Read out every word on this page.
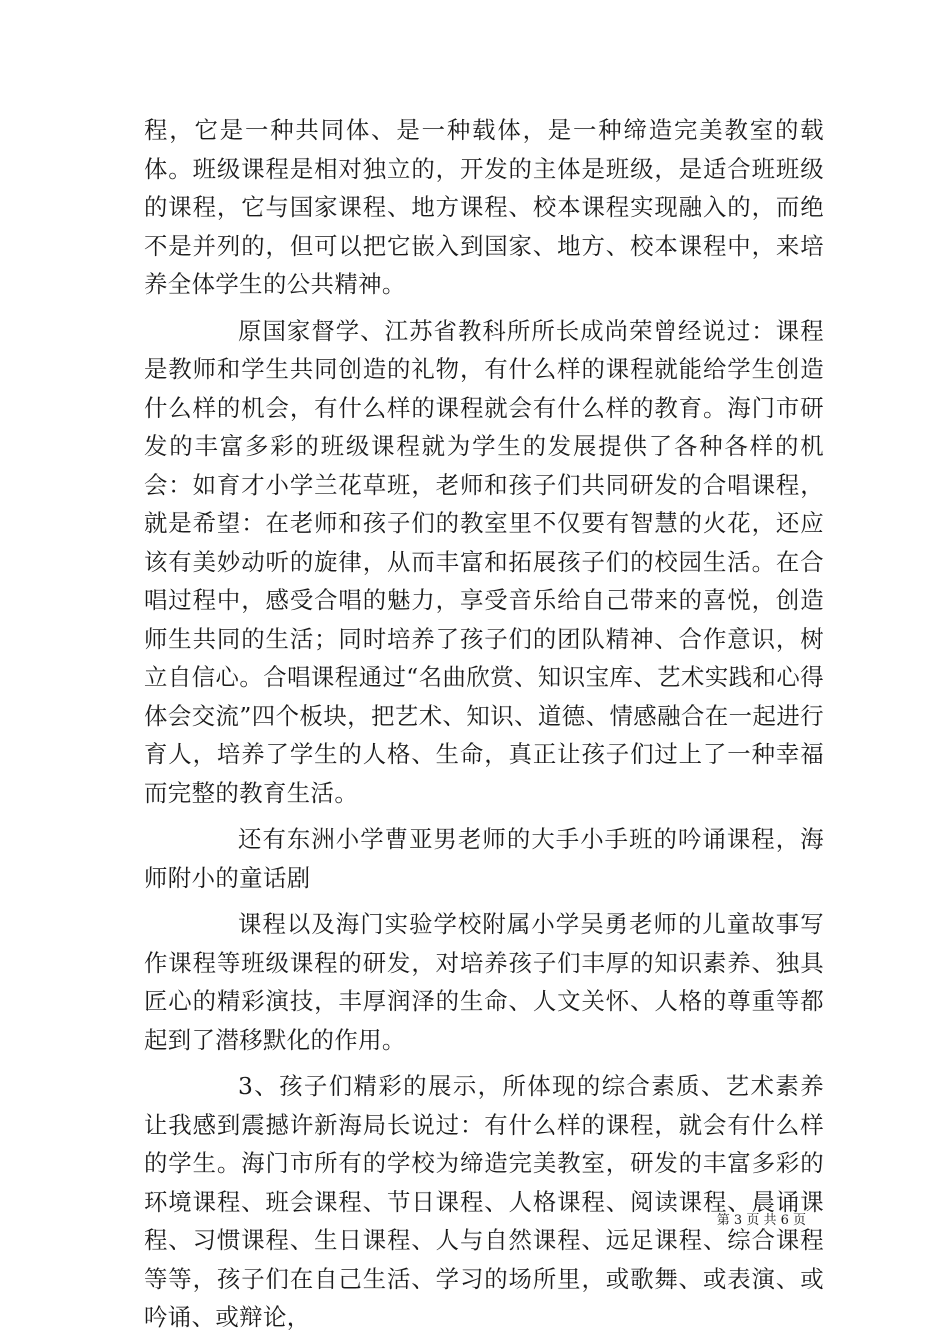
程，它是一种共同体、是一种载体，是一种缔造完美教室的载体。班级课程是相对独立的，开发的主体是班级，是适合班班级的课程，它与国家课程、地方课程、校本课程实现融入的，而绝不是并列的，但可以把它嵌入到国家、地方、校本课程中，来培养全体学生的公共精神。

原国家督学、江苏省教科所所长成尚荣曾经说过：课程是教师和学生共同创造的礼物，有什么样的课程就能给学生创造什么样的机会，有什么样的课程就会有什么样的教育。海门市研发的丰富多彩的班级课程就为学生的发展提供了各种各样的机会：如育才小学兰花草班，老师和孩子们共同研发的合唱课程，就是希望：在老师和孩子们的教室里不仅要有智慧的火花，还应该有美妙动听的旋律，从而丰富和拓展孩子们的校园生活。在合唱过程中，感受合唱的魅力，享受音乐给自己带来的喜悦，创造师生共同的生活；同时培养了孩子们的团队精神、合作意识，树立自信心。合唱课程通过“名曲欣赏、知识宝库、艺术实践和心得体会交流”四个板块，把艺术、知识、道德、情感融合在一起进行育人，培养了学生的人格、生命，真正让孩子们过上了一种幸福而完整的教育生活。

还有东洲小学曹亚男老师的大手小手班的吟诵课程，海师附小的童话剧

课程以及海门实验学校附属小学吴勇老师的儿童故事写作课程等班级课程的研发，对培养孩子们丰厚的知识素养、独具匠心的精彩演技，丰厚润泽的生命、人文关怀、人格的尊重等都起到了潜移默化的作用。

3、孩子们精彩的展示，所体现的综合素质、艺术素养让我感到震撼许新海局长说过：有什么样的课程，就会有什么样的学生。海门市所有的学校为缔造完美教室，研发的丰富多彩的环境课程、班会课程、节日课程、人格课程、阅读课程、晨诵课程、习惯课程、生日课程、人与自然课程、远足课程、综合课程等等，孩子们在自己生活、学习的场所里，或歌舞、或表演、或吟诵、或辩论，

第 3 页 共 6 页
